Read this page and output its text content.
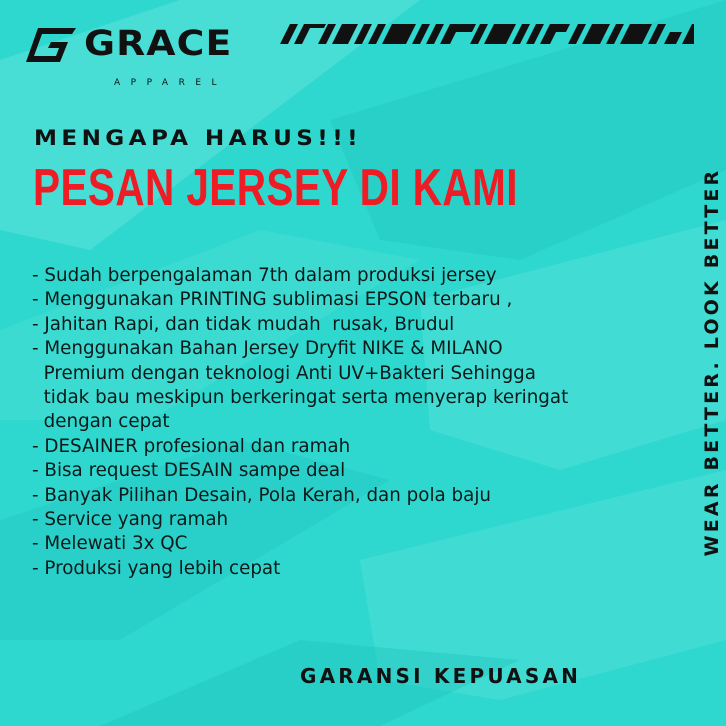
GRACE
APPAREL
MENGAPA HARUS!!!
PESAN JERSEY DI KAMI
- Sudah berpengalaman 7th dalam produksi jersey
- Menggunakan PRINTING sublimasi EPSON terbaru ,
- Jahitan Rapi, dan tidak mudah  rusak, Brudul
- Menggunakan Bahan Jersey Dryfit NIKE & MILANO
Premium dengan teknologi Anti UV+Bakteri Sehingga
tidak bau meskipun berkeringat serta menyerap keringat
dengan cepat
- DESAINER profesional dan ramah
- Bisa request DESAIN sampe deal
- Banyak Pilihan Desain, Pola Kerah, dan pola baju
- Service yang ramah
- Melewati 3x QC
- Produksi yang lebih cepat
WEAR BETTER. LOOK BETTER
GARANSI KEPUASAN
